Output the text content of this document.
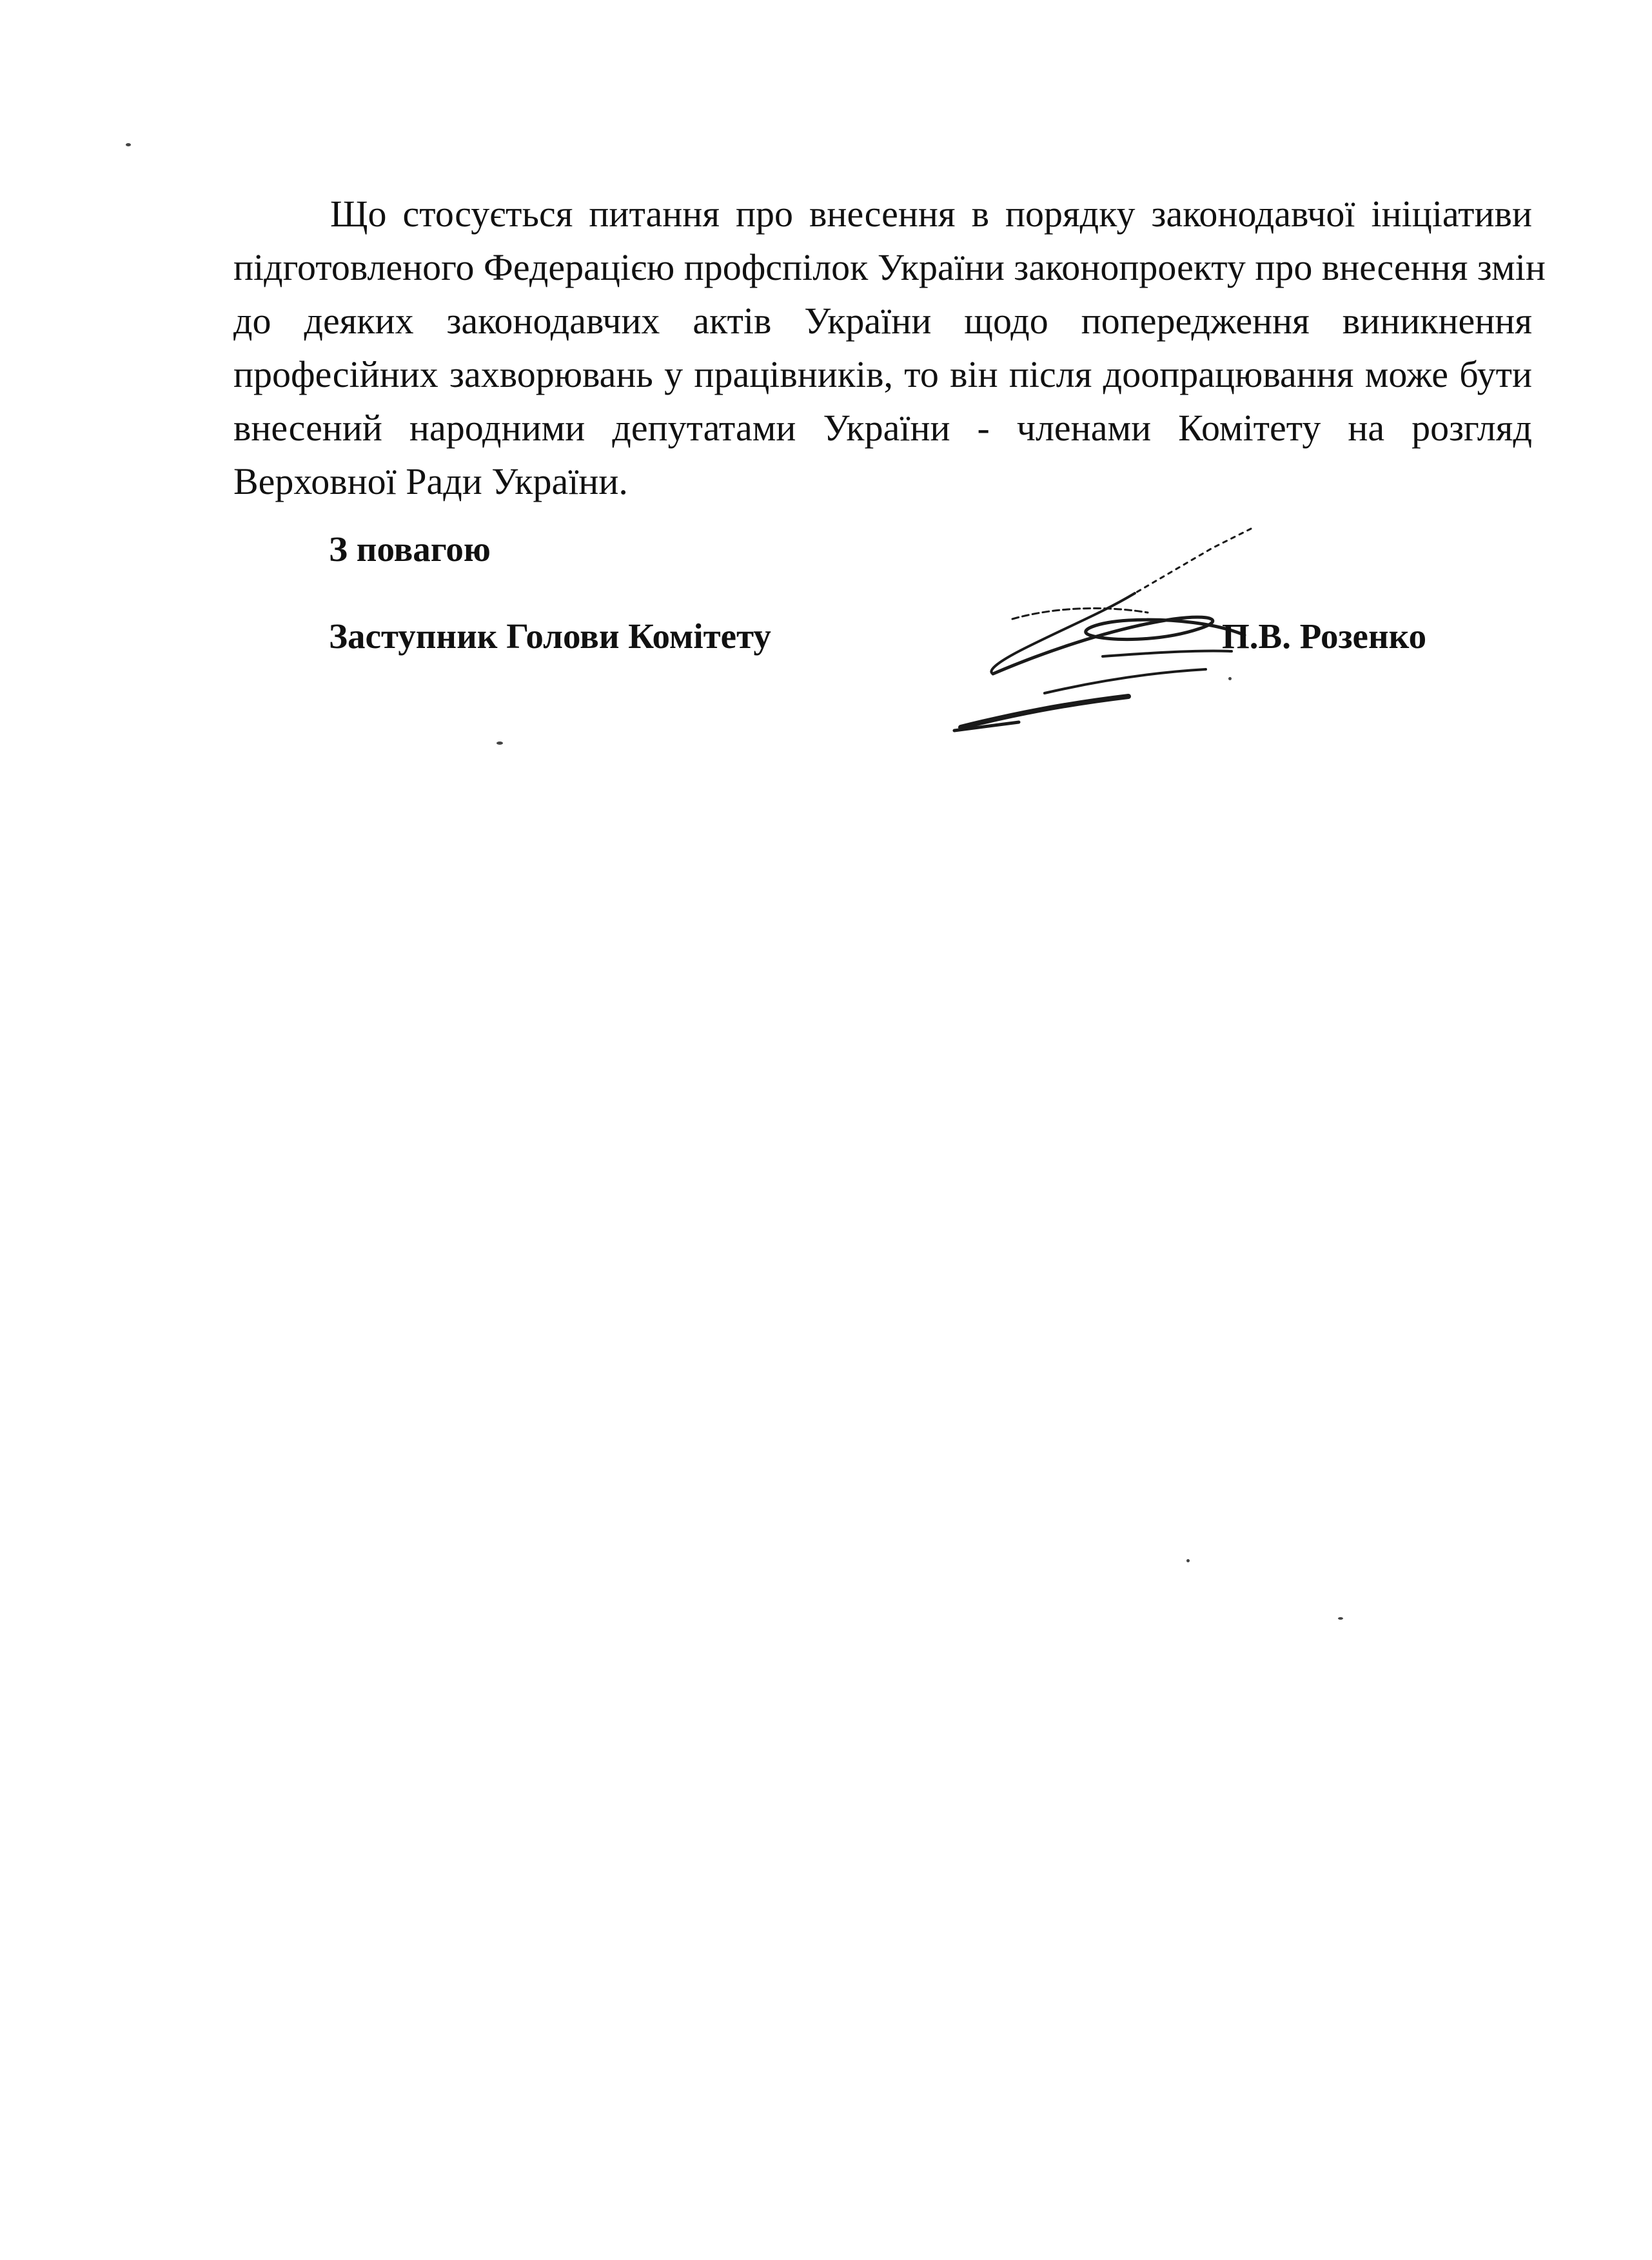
Що стосується питання про внесення в порядку законодавчої ініціативи
підготовленого Федерацією профспілок України законопроекту про внесення змін
до деяких законодавчих актів України щодо попередження виникнення
професійних захворювань у працівників, то він після доопрацювання може бути
внесений народними депутатами України - членами Комітету на розгляд
Верховної Ради України.

З повагою

Заступник Голови Комітету	П.В. Розенко
